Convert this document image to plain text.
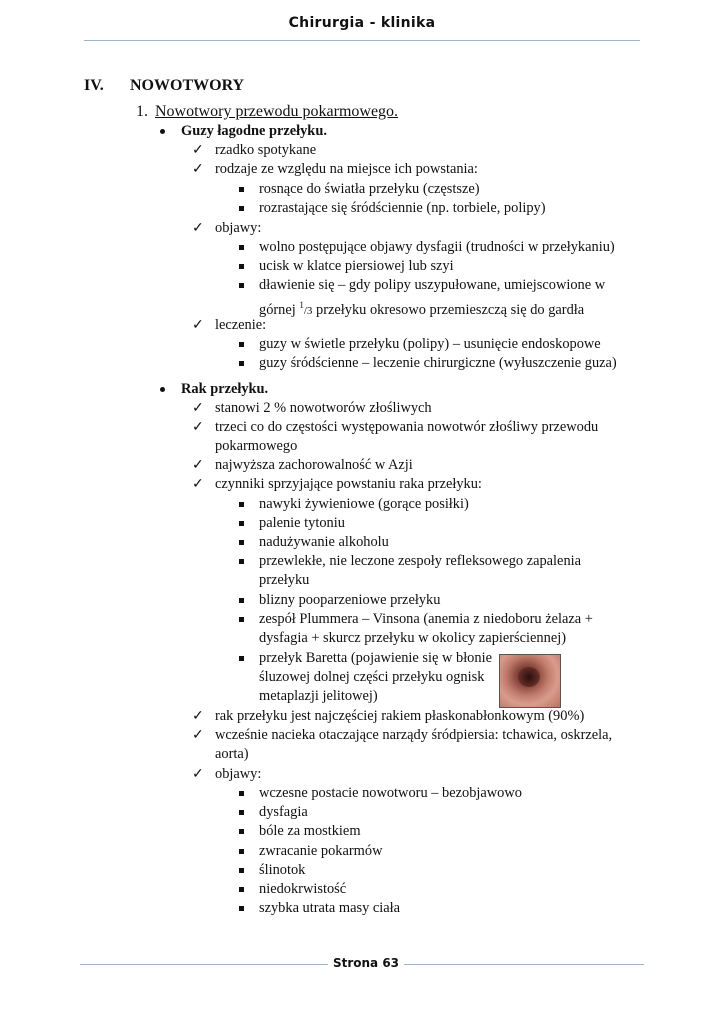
Chirurgia - klinika
IV. NOWOTWORY
1. Nowotwory przewodu pokarmowego.
Guzy łagodne przełyku.
✓ rzadko spotykane
✓ rodzaje ze względu na miejsce ich powstania:
rosnące do światła przełyku (częstsze)
rozrastające się śródściennie (np. torbiele, polipy)
✓ objawy:
wolno postępujące objawy dysfagii (trudności w przełykaniu)
ucisk w klatce piersiowej lub szyi
dławienie się – gdy polipy uszypułowane, umiejscowione w
górnej $^1$/3 przełyku okresowo przemieszczą się do gardła
✓ leczenie:
guzy w świetle przełyku (polipy) – usunięcie endoskopowe
guzy śródścienne – leczenie chirurgiczne (wyłuszczenie guza)
Rak przełyku.
✓ stanowi 2 % nowotworów złośliwych
✓ trzeci co do częstości występowania nowotwór złośliwy przewodu
pokarmowego
✓ najwyższa zachorowalność w Azji
✓ czynniki sprzyjające powstaniu raka przełyku:
nawyki żywieniowe (gorące posiłki)
palenie tytoniu
nadużywanie alkoholu
przewlekłe, nie leczone zespoły refleksowego zapalenia
przełyku
blizny pooparzeniowe przełyku
zespół Plummera – Vinsona (anemia z niedoboru żelaza +
dysfagia + skurcz przełyku w okolicy zapierściennej)
przełyk Baretta (pojawienie się w błonie
śluzowej dolnej części przełyku ognisk
metaplazji jelitowej)
✓ rak przełyku jest najczęściej rakiem płaskonabłonkowym (90%)
✓ wcześnie nacieka otaczające narządy śródpiersia: tchawica, oskrzela,
aorta)
✓ objawy:
wczesne postacie nowotworu – bezobjawowo
dysfagia
bóle za mostkiem
zwracanie pokarmów
ślinotok
niedokrwistość
szybka utrata masy ciała
Strona 63
